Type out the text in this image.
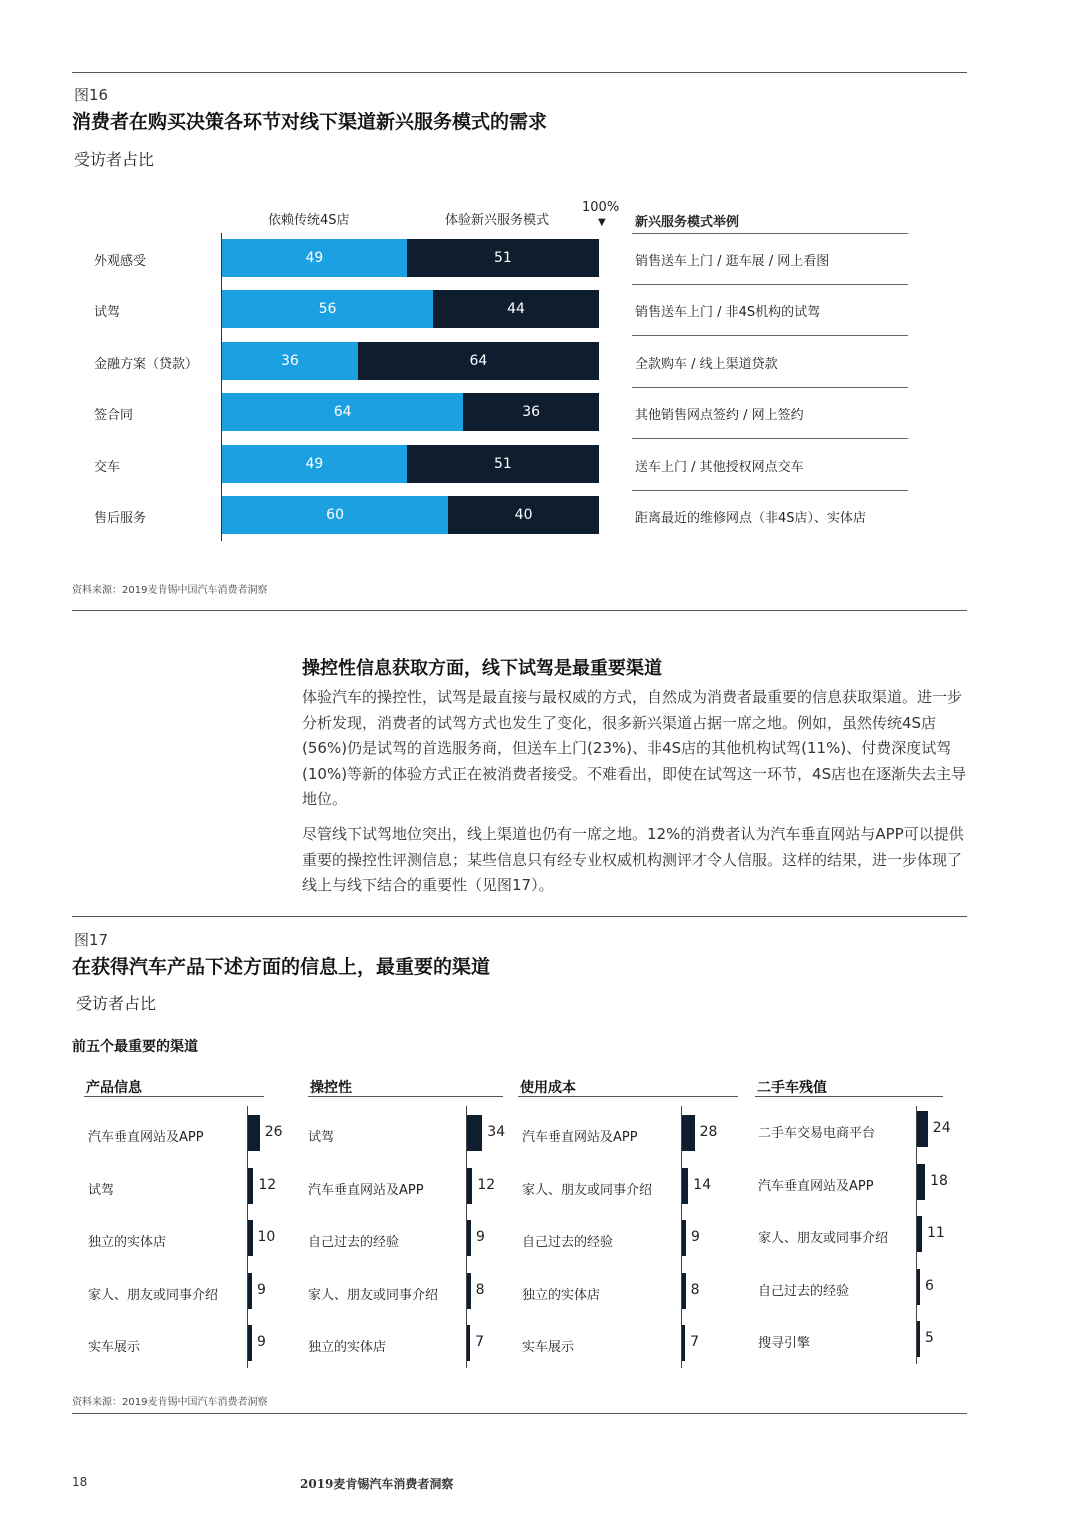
图16
消费者在购买决策各环节对线下渠道新兴服务模式的需求
受访者占比
依赖传统4S店	体验新兴服务模式
100%
▼ 新兴服务模式举例
外观感受	49	51	销售送车上门 / 逛车展 / 网上看图
试驾	56	44	销售送车上门 / 非4S机构的试驾
金融方案（贷款）	36	64	全款购车 / 线上渠道贷款
签合同	64	36	其他销售网点签约 / 网上签约
交车	49	51	送车上门 / 其他授权网点交车
售后服务	60	40	距离最近的维修网点（非4S店）、实体店
资料来源：2019麦肯锡中国汽车消费者洞察
操控性信息获取方面，线下试驾是最重要渠道
体验汽车的操控性，试驾是最直接与最权威的方式，自然成为消费者最重要的信息获取渠道。进一步分析发现，消费者的试驾方式也发生了变化，很多新兴渠道占据一席之地。例如，虽然传统4S店(56%)仍是试驾的首选服务商，但送车上门(23%)、非4S店的其他机构试驾(11%)、付费深度试驾(10%)等新的体验方式正在被消费者接受。不难看出，即使在试驾这一环节，4S店也在逐渐失去主导地位。
尽管线下试驾地位突出，线上渠道也仍有一席之地。12%的消费者认为汽车垂直网站与APP可以提供重要的操控性评测信息；某些信息只有经专业权威机构测评才令人信服。这样的结果，进一步体现了线上与线下结合的重要性（见图17）。
图17
在获得汽车产品下述方面的信息上，最重要的渠道
受访者占比
前五个最重要的渠道
产品信息
汽车垂直网站及APP	26
试驾	12
独立的实体店	10
家人、朋友或同事介绍	9
实车展示	9
操控性
试驾	34
汽车垂直网站及APP	12
自己过去的经验	9
家人、朋友或同事介绍	8
独立的实体店	7
使用成本
汽车垂直网站及APP	28
家人、朋友或同事介绍	14
自己过去的经验	9
独立的实体店	8
实车展示	7
二手车残值
二手车交易电商平台	24
汽车垂直网站及APP	18
家人、朋友或同事介绍	11
自己过去的经验	6
搜寻引擎	5
资料来源：2019麦肯锡中国汽车消费者洞察
18	2019麦肯锡汽车消费者洞察
